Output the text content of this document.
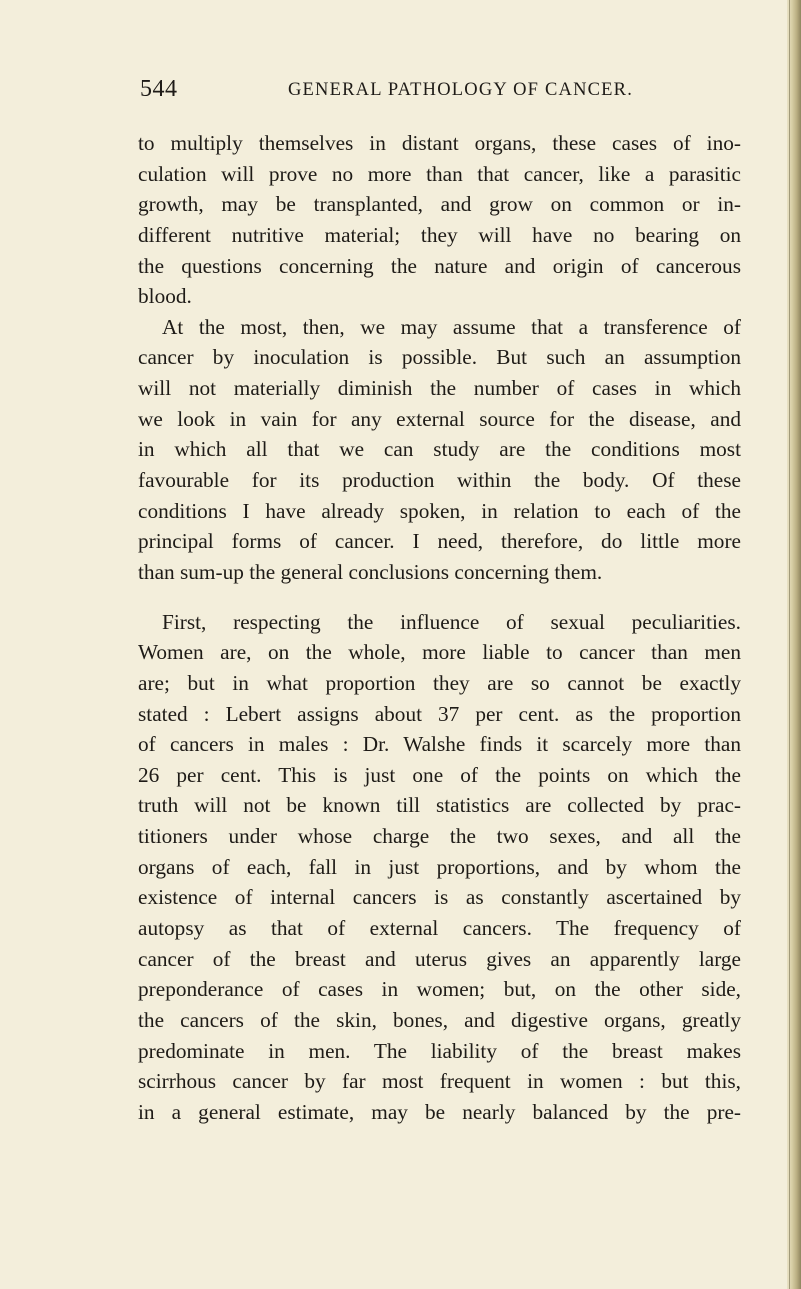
544	GENERAL PATHOLOGY OF CANCER.
to multiply themselves in distant organs, these cases of ino-
culation will prove no more than that cancer, like a parasitic
growth, may be transplanted, and grow on common or in-
different nutritive material; they will have no bearing on
the questions concerning the nature and origin of cancerous
blood.
At the most, then, we may assume that a transference of
cancer by inoculation is possible. But such an assumption
will not materially diminish the number of cases in which
we look in vain for any external source for the disease, and
in which all that we can study are the conditions most
favourable for its production within the body. Of these
conditions I have already spoken, in relation to each of the
principal forms of cancer. I need, therefore, do little more
than sum-up the general conclusions concerning them.
First, respecting the influence of sexual peculiarities.
Women are, on the whole, more liable to cancer than men
are; but in what proportion they are so cannot be exactly
stated : Lebert assigns about 37 per cent. as the proportion
of cancers in males : Dr. Walshe finds it scarcely more than
26 per cent. This is just one of the points on which the
truth will not be known till statistics are collected by prac-
titioners under whose charge the two sexes, and all the
organs of each, fall in just proportions, and by whom the
existence of internal cancers is as constantly ascertained by
autopsy as that of external cancers. The frequency of
cancer of the breast and uterus gives an apparently large
preponderance of cases in women; but, on the other side,
the cancers of the skin, bones, and digestive organs, greatly
predominate in men. The liability of the breast makes
scirrhous cancer by far most frequent in women : but this,
in a general estimate, may be nearly balanced by the pre-
